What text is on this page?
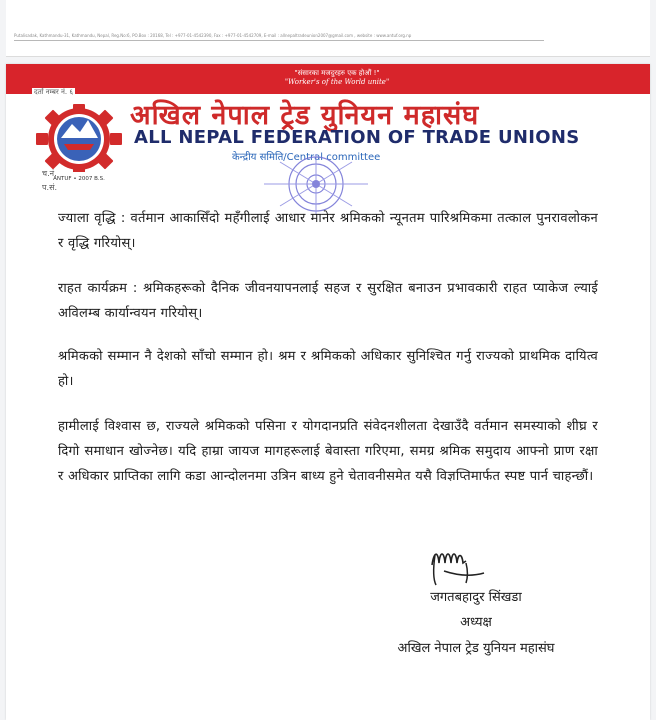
Putalisadak, Kathmandu-31, Kathmandu, Nepal, Reg.No:6, PO.Box : 20168, Tel : +977-01-4542390, Fax : +977-01-4542709, E-mail : allnepaltradeunion2007@gmail.com , website : www.antuf.org.np
"संसारका मजदुरहरु एक होऔं !"
"Worker's of the World unite"
दर्ता नम्बर नं. ६
ANTUF • 2007 B.S.
अखिल नेपाल ट्रेड युनियन महासंघ
ALL NEPAL FEDERATION OF TRADE UNIONS
केन्द्रीय समिति/Central committee
च.नं.
प.सं.

ज्याला वृद्धि : वर्तमान आकासिँदो महँगीलाई आधार मानेर श्रमिकको न्यूनतम पारिश्रमिकमा तत्काल पुनरावलोकन र वृद्धि गरियोस्।

राहत कार्यक्रम : श्रमिकहरूको दैनिक जीवनयापनलाई सहज र सुरक्षित बनाउन प्रभावकारी राहत प्याकेज ल्याई अविलम्ब कार्यान्वयन गरियोस्।

श्रमिकको सम्मान नै देशको साँचो सम्मान हो। श्रम र श्रमिकको अधिकार सुनिश्चित गर्नु राज्यको प्राथमिक दायित्व हो।

हामीलाई विश्वास छ, राज्यले श्रमिकको पसिना र योगदानप्रति संवेदनशीलता देखाउँदै वर्तमान समस्याको शीघ्र र दिगो समाधान खोज्नेछ। यदि हाम्रा जायज मागहरूलाई बेवास्ता गरिएमा, समग्र श्रमिक समुदाय आफ्नो प्राण रक्षा र अधिकार प्राप्तिका लागि कडा आन्दोलनमा उत्रिन बाध्य हुने चेतावनीसमेत यसै विज्ञप्तिमार्फत स्पष्ट पार्न चाहन्छौं।

जगतबहादुर सिंखडा
अध्यक्ष
अखिल नेपाल ट्रेड युनियन महासंघ
